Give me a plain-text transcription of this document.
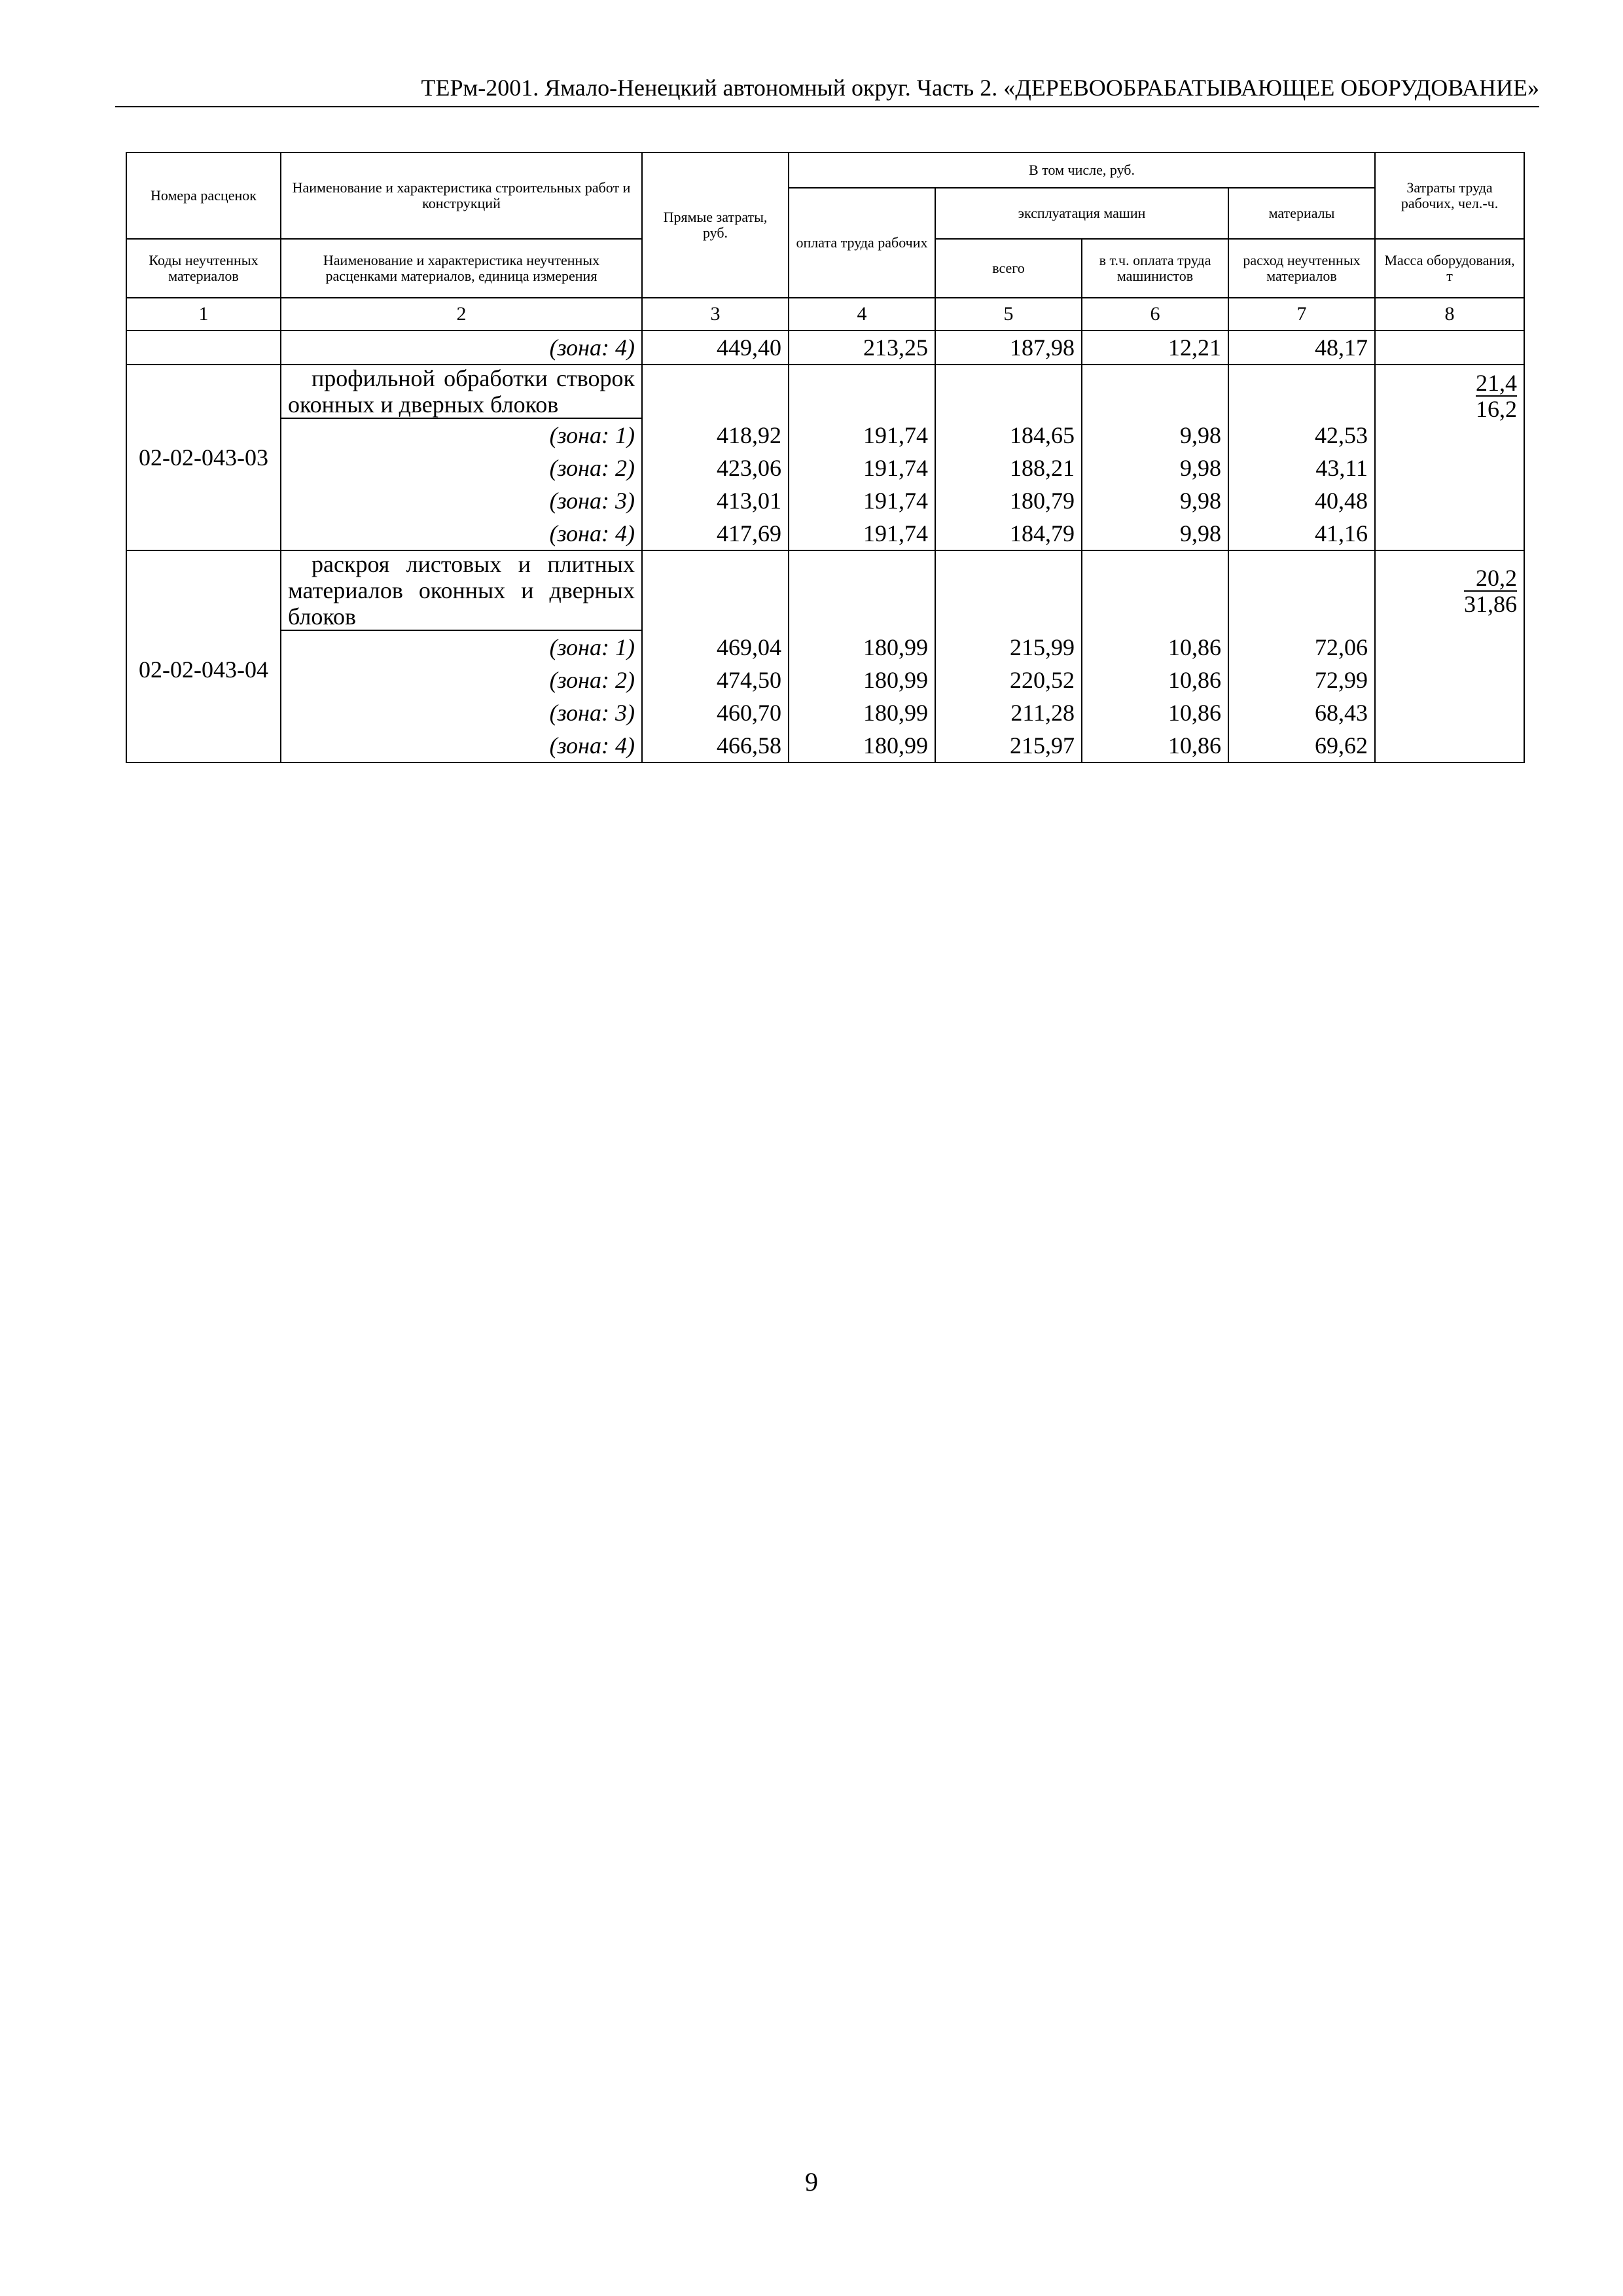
ТЕРм-2001. Ямало-Ненецкий автономный округ. Часть 2. «ДЕРЕВООБРАБАТЫВАЮЩЕЕ ОБОРУДОВАНИЕ»
Номера расценок	Наименование и характеристика строительных работ и конструкций	Прямые затраты, руб.	В том числе, руб.				Затраты труда рабочих, чел.-ч.
			оплата труда рабочих	эксплуатация машин		материалы	
Коды неучтенных материалов	Наименование и характеристика неучтенных расценками материалов, единица измерения			всего	в т.ч. оплата труда машинистов	расход неучтенных материалов	Масса оборудования, т

1	2	3	4	5	6	7	8
	(зона: 4)	449,40	213,25	187,98	12,21	48,17	
02-02-043-03	профильной обработки створок оконных и дверных блоков						$\frac{21,4}{16,2}$

	(зона: 1)	418,92	191,74	184,65	9,98	42,53	
	(зона: 2)	423,06	191,74	188,21	9,98	43,11	
	(зона: 3)	413,01	191,74	180,79	9,98	40,48	
	(зона: 4)	417,69	191,74	184,79	9,98	41,16	
02-02-043-04	раскроя листовых и плитных материалов оконных и дверных блоков						$\frac{20,2}{31,86}$

	(зона: 1)	469,04	180,99	215,99	10,86	72,06	
	(зона: 2)	474,50	180,99	220,52	10,86	72,99	
	(зона: 3)	460,70	180,99	211,28	10,86	68,43	
	(зона: 4)	466,58	180,99	215,97	10,86	69,62	
9
